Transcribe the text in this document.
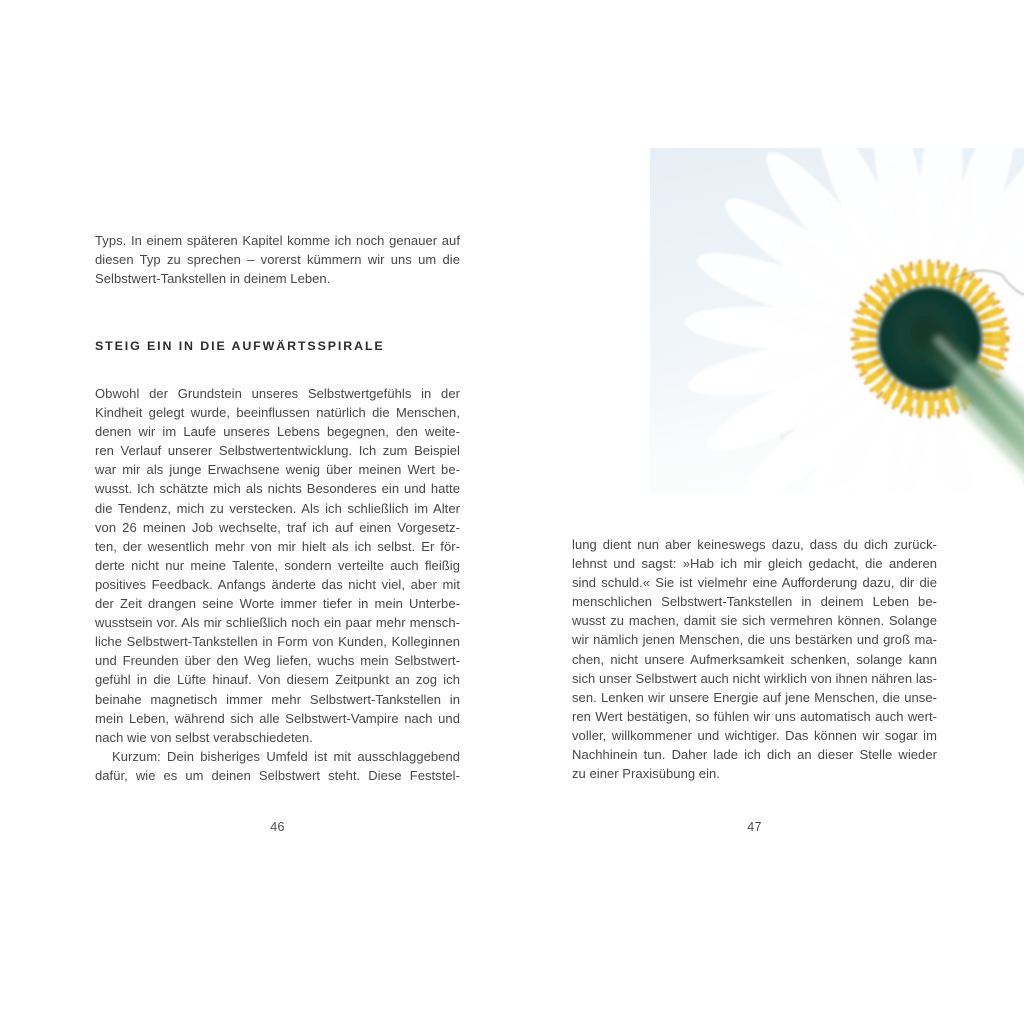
Typs. In einem späteren Kapitel komme ich noch genauer auf
diesen Typ zu sprechen – vorerst kümmern wir uns um die
Selbstwert-Tankstellen in deinem Leben.
STEIG EIN IN DIE AUFWÄRTSSPIRALE
Obwohl der Grundstein unseres Selbstwertgefühls in der
Kindheit gelegt wurde, beeinflussen natürlich die Menschen,
denen wir im Laufe unseres Lebens begegnen, den weite-
ren Verlauf unserer Selbstwertentwicklung. Ich zum Beispiel
war mir als junge Erwachsene wenig über meinen Wert be-
wusst. Ich schätzte mich als nichts Besonderes ein und hatte
die Tendenz, mich zu verstecken. Als ich schließlich im Alter
von 26 meinen Job wechselte, traf ich auf einen Vorgesetz-
ten, der wesentlich mehr von mir hielt als ich selbst. Er för-
derte nicht nur meine Talente, sondern verteilte auch fleißig
positives Feedback. Anfangs änderte das nicht viel, aber mit
der Zeit drangen seine Worte immer tiefer in mein Unterbe-
wusstsein vor. Als mir schließlich noch ein paar mehr mensch-
liche Selbstwert-Tankstellen in Form von Kunden, Kolleginnen
und Freunden über den Weg liefen, wuchs mein Selbstwert-
gefühl in die Lüfte hinauf. Von diesem Zeitpunkt an zog ich
beinahe magnetisch immer mehr Selbstwert-Tankstellen in
mein Leben, während sich alle Selbstwert-Vampire nach und
nach wie von selbst verabschiedeten.
Kurzum: Dein bisheriges Umfeld ist mit ausschlaggebend
dafür, wie es um deinen Selbstwert steht. Diese Feststel-
46
lung dient nun aber keineswegs dazu, dass du dich zurück-
lehnst und sagst: »Hab ich mir gleich gedacht, die anderen
sind schuld.« Sie ist vielmehr eine Aufforderung dazu, dir die
menschlichen Selbstwert-Tankstellen in deinem Leben be-
wusst zu machen, damit sie sich vermehren können. Solange
wir nämlich jenen Menschen, die uns bestärken und groß ma-
chen, nicht unsere Aufmerksamkeit schenken, solange kann
sich unser Selbstwert auch nicht wirklich von ihnen nähren las-
sen. Lenken wir unsere Energie auf jene Menschen, die unse-
ren Wert bestätigen, so fühlen wir uns automatisch auch wert-
voller, willkommener und wichtiger. Das können wir sogar im
Nachhinein tun. Daher lade ich dich an dieser Stelle wieder
zu einer Praxisübung ein.
47
